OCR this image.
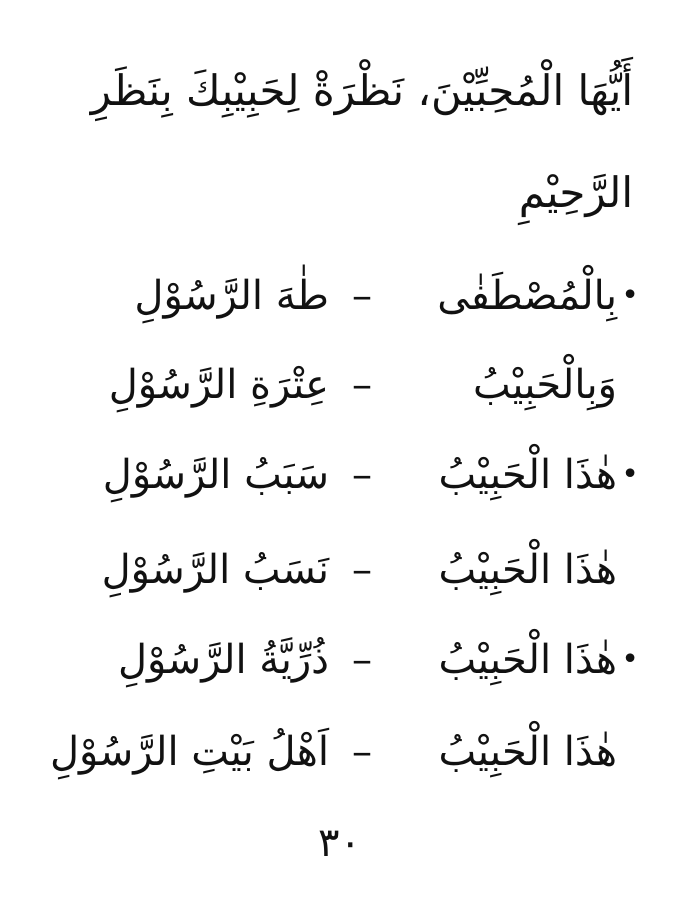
أَيُّهَا الْمُحِبِّيْنَ، نَظْرَةْ لِحَبِيْبِكَ بِنَظَرِ
الرَّحِيْمِ
•
بِالْمُصْطَفٰى
–
طٰهَ الرَّسُوْلِ
وَبِالْحَبِيْبُ
–
عِتْرَةِ الرَّسُوْلِ
•
هٰذَا الْحَبِيْبُ
–
سَبَبُ الرَّسُوْلِ
هٰذَا الْحَبِيْبُ
–
نَسَبُ الرَّسُوْلِ
•
هٰذَا الْحَبِيْبُ
–
ذُرِّيَّةُ الرَّسُوْلِ
هٰذَا الْحَبِيْبُ
–
اَهْلُ بَيْتِ الرَّسُوْلِ
٣٠
